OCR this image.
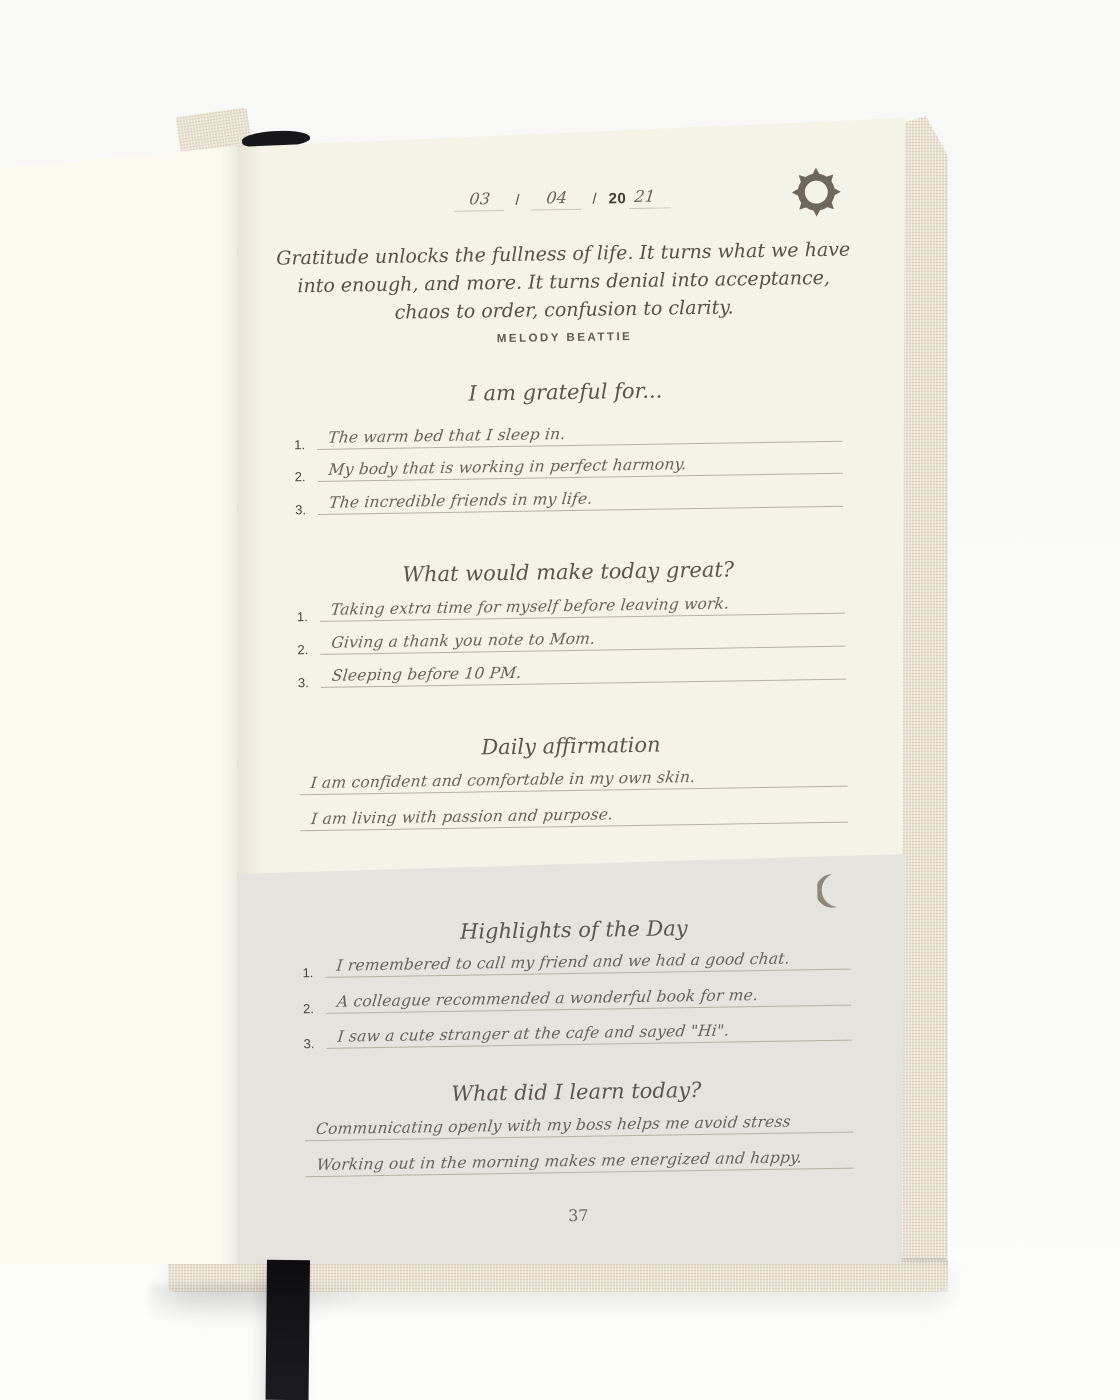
03	/	04	/ 20 21
Gratitude unlocks the fullness of life. It turns what we have
into enough, and more. It turns denial into acceptance,
chaos to order, confusion to clarity.
MELODY BEATTIE
I am grateful for...
1. The warm bed that I sleep in.
2. My body that is working in perfect harmony.
3. The incredible friends in my life.
What would make today great?
1. Taking extra time for myself before leaving work.
2. Giving a thank you note to Mom.
3. Sleeping before 10 PM.
Daily affirmation
I am confident and comfortable in my own skin.
I am living with passion and purpose.
Highlights of the Day
1. I remembered to call my friend and we had a good chat.
2. A colleague recommended a wonderful book for me.
3. I saw a cute stranger at the cafe and sayed "Hi".
What did I learn today?
Communicating openly with my boss helps me avoid stress
Working out in the morning makes me energized and happy.
37
